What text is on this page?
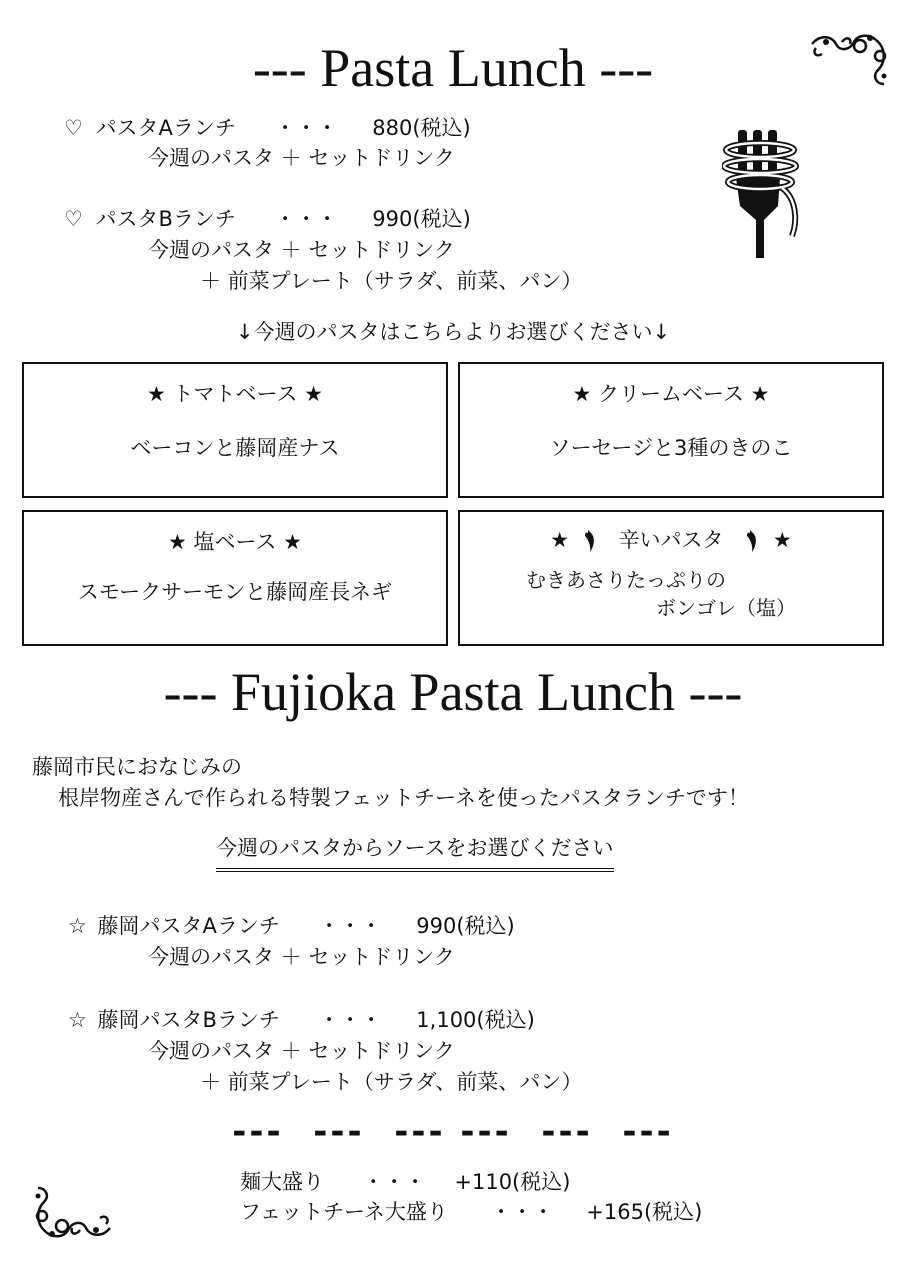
--- Pasta Lunch ---
♡ パスタAランチ ・・・ 880(税込)
今週のパスタ ＋ セットドリンク
♡ パスタBランチ ・・・ 990(税込)
今週のパスタ ＋ セットドリンク
＋ 前菜プレート（サラダ、前菜、パン）
↓今週のパスタはこちらよりお選びください↓
★ トマトベース ★
ベーコンと藤岡産ナス
★ クリームベース ★
ソーセージと3種のきのこ
★ 塩ベース ★
スモークサーモンと藤岡産長ネギ
★ 辛いパスタ ★
むきあさりたっぷりの
ボンゴレ（塩）
--- Fujioka Pasta Lunch ---
藤岡市民におなじみの
根岸物産さんで作られる特製フェットチーネを使ったパスタランチです！
今週のパスタからソースをお選びください
☆ 藤岡パスタAランチ ・・・ 990(税込)
今週のパスタ ＋ セットドリンク
☆ 藤岡パスタBランチ ・・・ 1,100(税込)
今週のパスタ ＋ セットドリンク
＋ 前菜プレート（サラダ、前菜、パン）
---  ---  --- ---  ---  ---
麺大盛り ・・・ +110(税込)
フェットチーネ大盛り ・・・ +165(税込)
